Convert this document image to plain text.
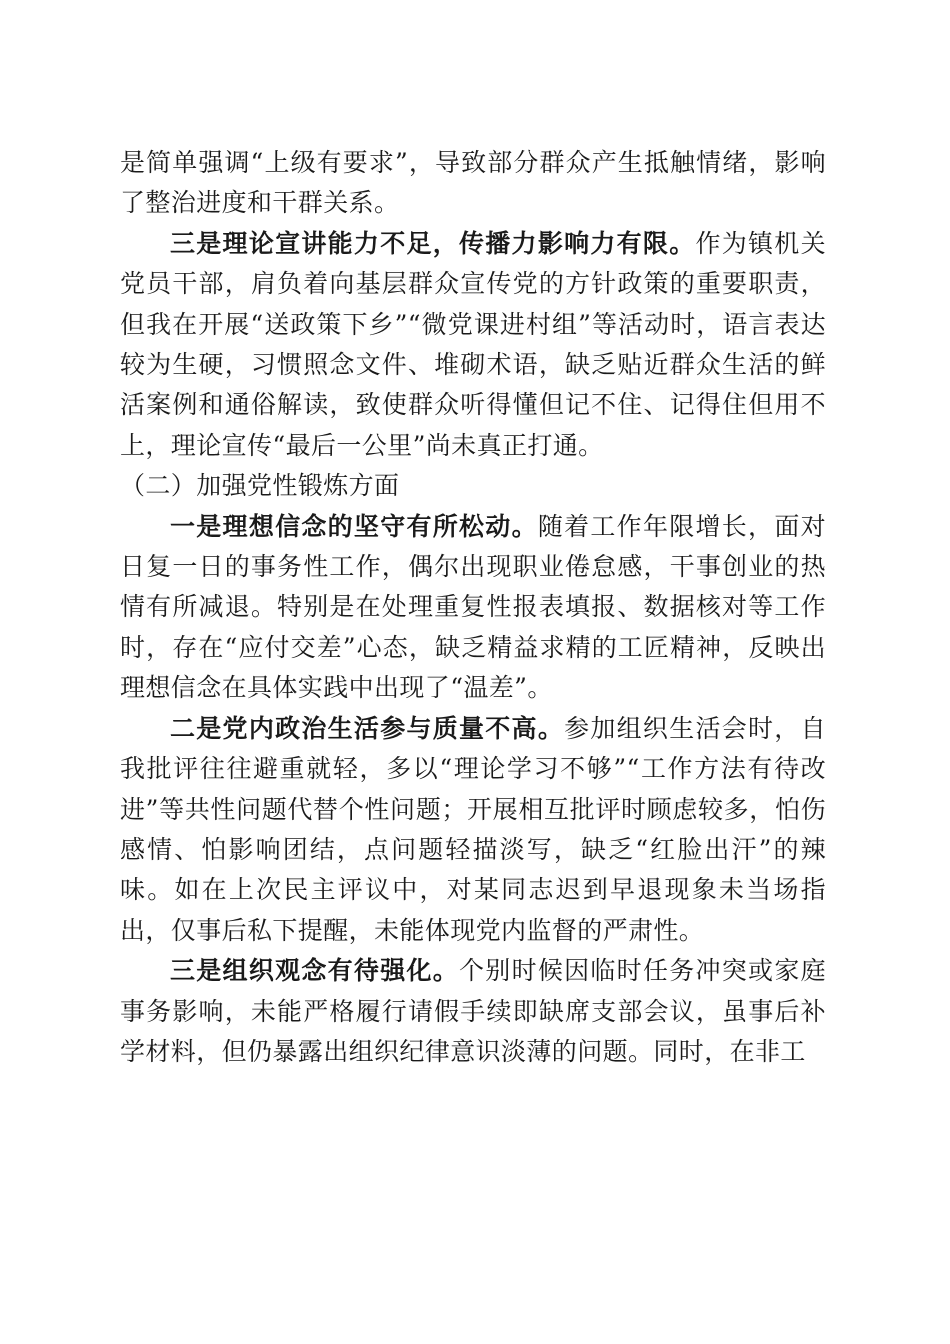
是简单强调“上级有要求”，导致部分群众产生抵触情绪，影响了整治进度和干群关系。

三是理论宣讲能力不足，传播力影响力有限。作为镇机关党员干部，肩负着向基层群众宣传党的方针政策的重要职责，但我在开展“送政策下乡”“微党课进村组”等活动时，语言表达较为生硬，习惯照念文件、堆砌术语，缺乏贴近群众生活的鲜活案例和通俗解读，致使群众听得懂但记不住、记得住但用不上，理论宣传“最后一公里”尚未真正打通。

（二）加强党性锻炼方面

一是理想信念的坚守有所松动。随着工作年限增长，面对日复一日的事务性工作，偶尔出现职业倦怠感，干事创业的热情有所减退。特别是在处理重复性报表填报、数据核对等工作时，存在“应付交差”心态，缺乏精益求精的工匠精神，反映出理想信念在具体实践中出现了“温差”。

二是党内政治生活参与质量不高。参加组织生活会时，自我批评往往避重就轻，多以“理论学习不够”“工作方法有待改进”等共性问题代替个性问题；开展相互批评时顾虑较多，怕伤感情、怕影响团结，点问题轻描淡写，缺乏“红脸出汗”的辣味。如在上次民主评议中，对某同志迟到早退现象未当场指出，仅事后私下提醒，未能体现党内监督的严肃性。

三是组织观念有待强化。个别时候因临时任务冲突或家庭事务影响，未能严格履行请假手续即缺席支部会议，虽事后补学材料，但仍暴露出组织纪律意识淡薄的问题。同时，在非工
